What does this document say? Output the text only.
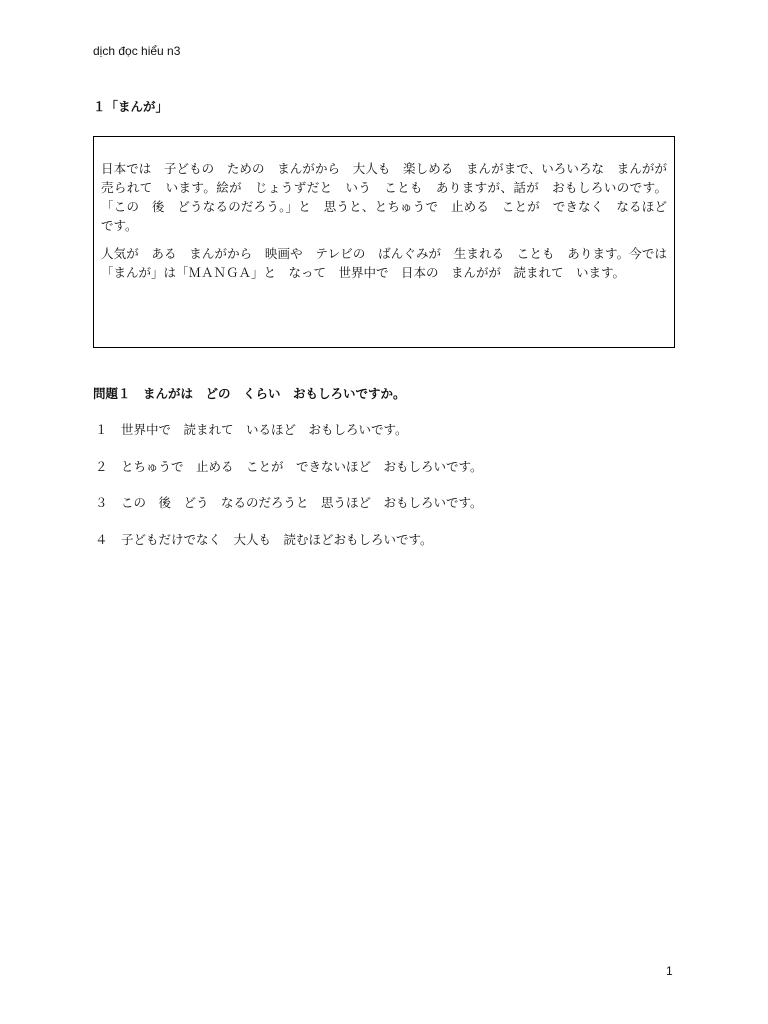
dịch đọc hiểu n3
１「まんが」

日本では　子どもの　ための　まんがから　大人も　楽しめる　まんがまで、いろいろな　まんがが　売られて　います。絵が　じょうずだと　いう　ことも　ありますが、話が　おもしろいのです。「この　後　どうなるのだろう。」と　思うと、とちゅうで　止める　ことが　できなく　なるほどです。

人気が　ある　まんがから　映画や　テレビの　ばんぐみが　生まれる　ことも　あります。今では「まんが」は「ＭＡＮＧＡ」と　なって　世界中で　日本の　まんがが　読まれて　います。

問題１　まんがは　どの　くらい　おもしろいですか。
１	世界中で　読まれて　いるほど　おもしろいです。
２	とちゅうで　止める　ことが　できないほど　おもしろいです。
３	この　後　どう　なるのだろうと　思うほど　おもしろいです。
４	子どもだけでなく　大人も　読むほどおもしろいです。
1
